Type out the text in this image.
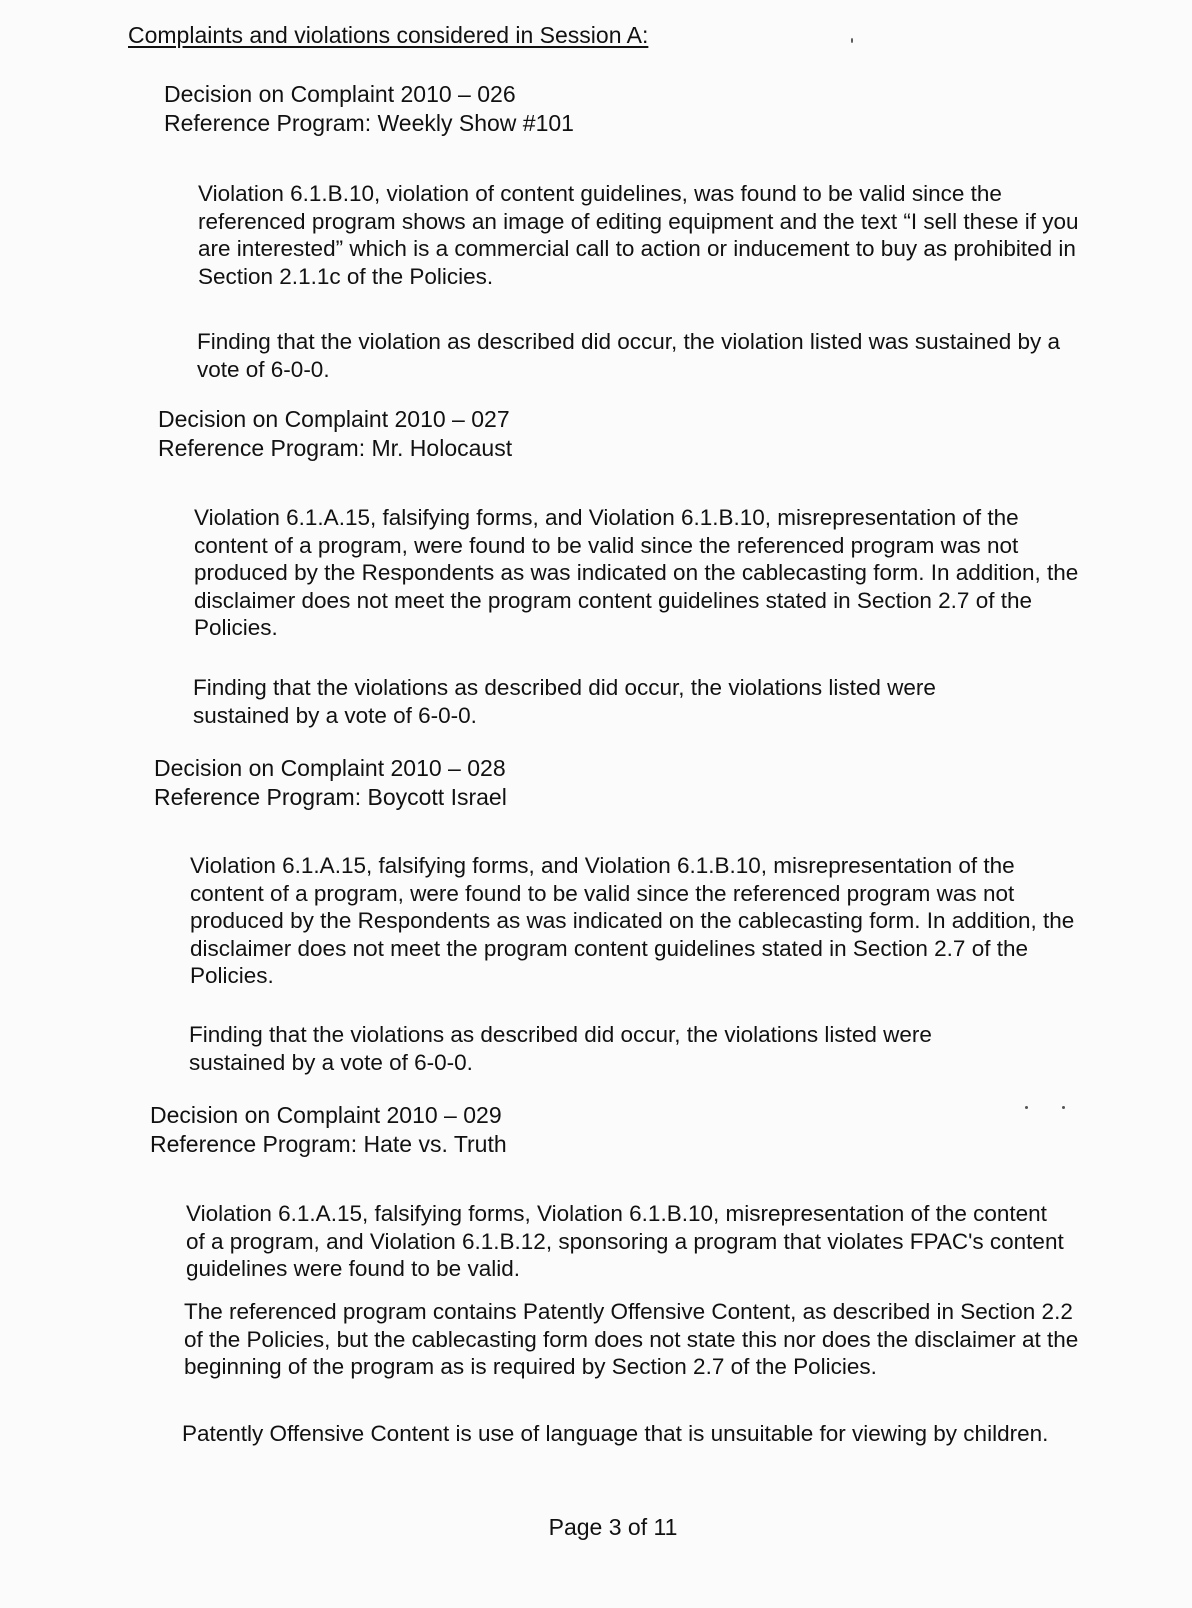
Complaints and violations considered in Session A:
Decision on Complaint 2010 – 026
Reference Program: Weekly Show #101
Violation 6.1.B.10, violation of content guidelines, was found to be valid since the referenced program shows an image of editing equipment and the text “I sell these if you are interested” which is a commercial call to action or inducement to buy as prohibited in Section 2.1.1c of the Policies.
Finding that the violation as described did occur, the violation listed was sustained by a vote of 6-0-0.
Decision on Complaint 2010 – 027
Reference Program: Mr. Holocaust
Violation 6.1.A.15, falsifying forms, and Violation 6.1.B.10, misrepresentation of the content of a program, were found to be valid since the referenced program was not produced by the Respondents as was indicated on the cablecasting form. In addition, the disclaimer does not meet the program content guidelines stated in Section 2.7 of the Policies.
Finding that the violations as described did occur, the violations listed were sustained by a vote of 6-0-0.
Decision on Complaint 2010 – 028
Reference Program: Boycott Israel
Violation 6.1.A.15, falsifying forms, and Violation 6.1.B.10, misrepresentation of the content of a program, were found to be valid since the referenced program was not produced by the Respondents as was indicated on the cablecasting form. In addition, the disclaimer does not meet the program content guidelines stated in Section 2.7 of the Policies.
Finding that the violations as described did occur, the violations listed were sustained by a vote of 6-0-0.
Decision on Complaint 2010 – 029
Reference Program: Hate vs. Truth
Violation 6.1.A.15, falsifying forms, Violation 6.1.B.10, misrepresentation of the content of a program, and Violation 6.1.B.12, sponsoring a program that violates FPAC's content guidelines were found to be valid.
The referenced program contains Patently Offensive Content, as described in Section 2.2 of the Policies, but the cablecasting form does not state this nor does the disclaimer at the beginning of the program as is required by Section 2.7 of the Policies.
Patently Offensive Content is use of language that is unsuitable for viewing by children.
Page 3 of 11
